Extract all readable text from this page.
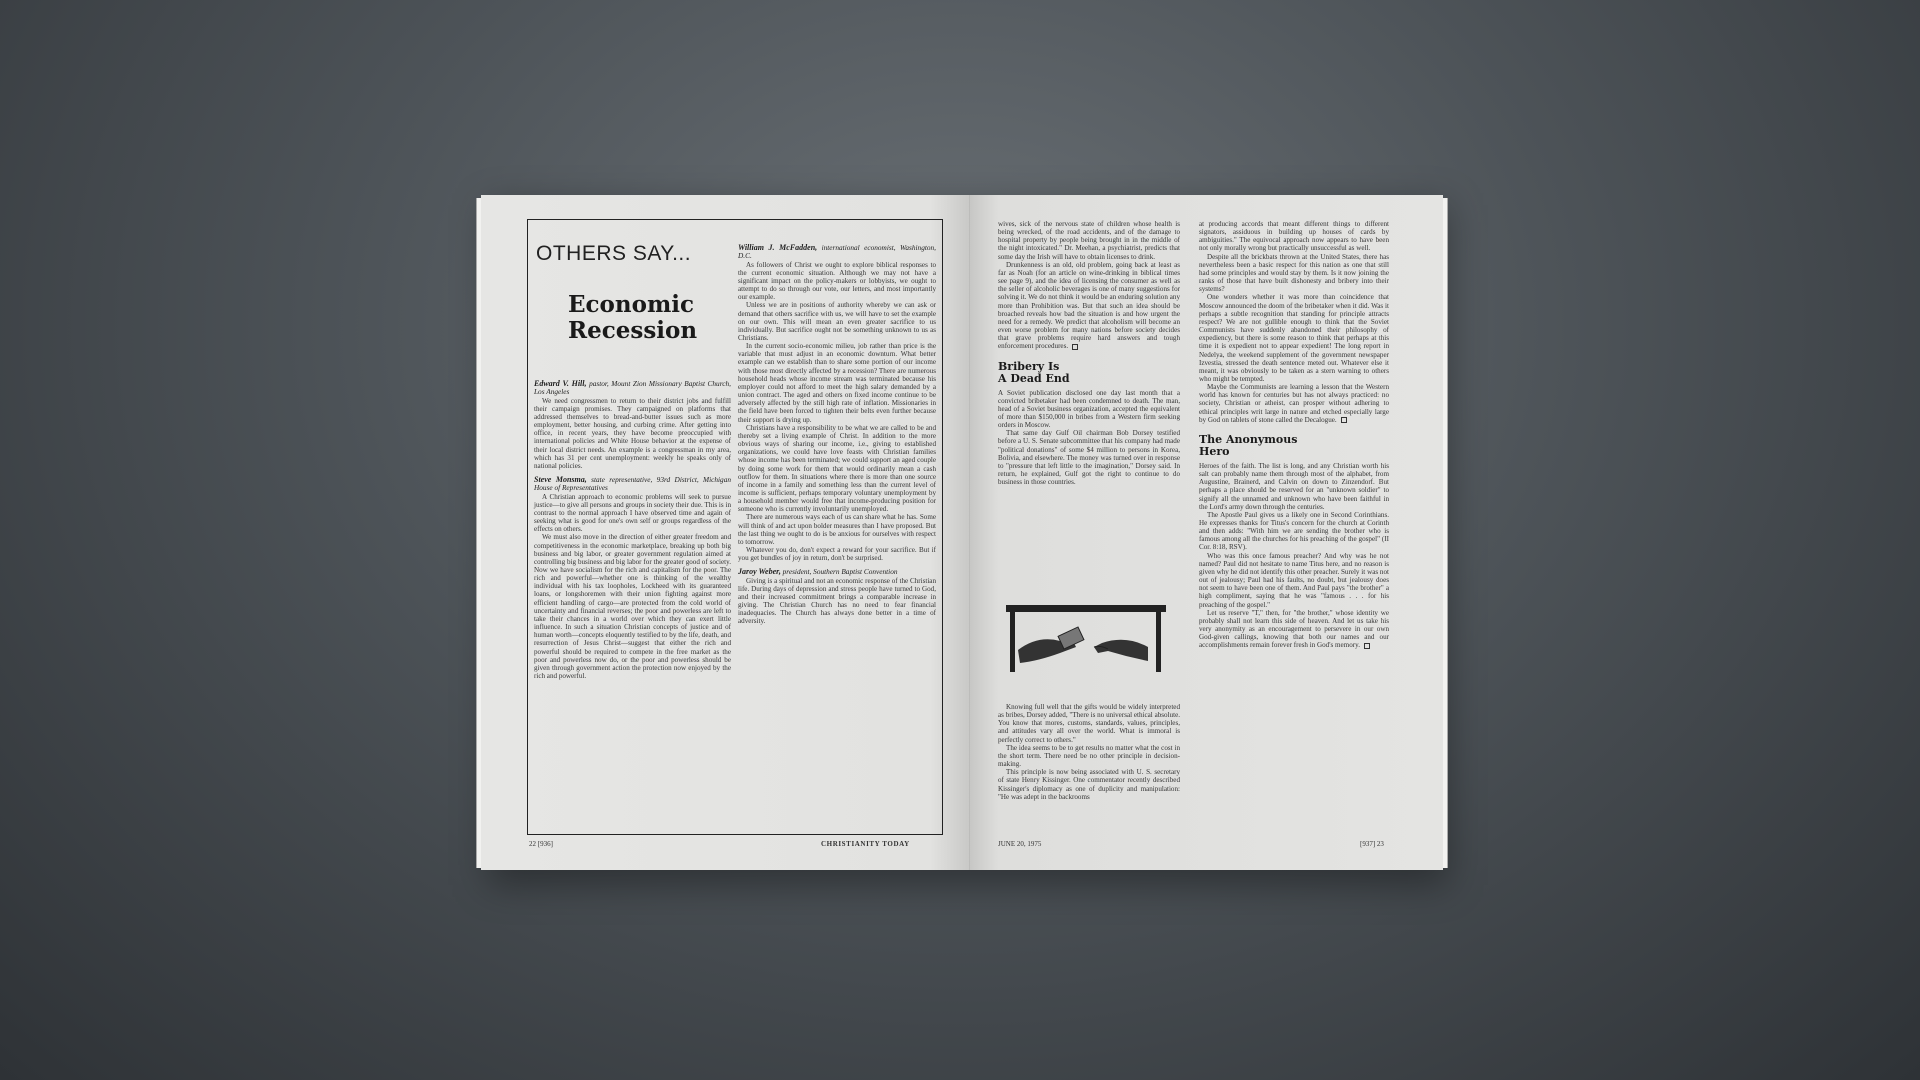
OTHERS SAY...
Economic
Recession
Edward V. Hill, pastor, Mount Zion Missionary Baptist Church, Los Angeles

We need congressmen to return to their district jobs and fulfill their campaign promises. They campaigned on platforms that addressed themselves to bread-and-butter issues such as more employment, better housing, and curbing crime. After getting into office, in recent years, they have become preoccupied with international policies and White House behavior at the expense of their local district needs. An example is a congressman in my area, which has 31 per cent unemployment: weekly he speaks only of national policies.

Steve Monsma, state representative, 93rd District, Michigan House of Representatives

A Christian approach to economic problems will seek to pursue justice—to give all persons and groups in society their due. This is in contrast to the normal approach I have observed time and again of seeking what is good for one's own self or groups regardless of the effects on others.

We must also move in the direction of either greater freedom and competitiveness in the economic marketplace, breaking up both big business and big labor, or greater government regulation aimed at controlling big business and big labor for the greater good of society. Now we have socialism for the rich and capitalism for the poor. The rich and powerful—whether one is thinking of the wealthy individual with his tax loopholes, Lockheed with its guaranteed loans, or longshoremen with their union fighting against more efficient handling of cargo—are protected from the cold world of uncertainty and financial reverses; the poor and powerless are left to take their chances in a world over which they can exert little influence. In such a situation Christian concepts of justice and of human worth—concepts eloquently testified to by the life, death, and resurrection of Jesus Christ—suggest that either the rich and powerful should be required to compete in the free market as the poor and powerless now do, or the poor and powerless should be given through government action the protection now enjoyed by the rich and powerful.

William J. McFadden, international economist, Washington, D.C.

As followers of Christ we ought to explore biblical responses to the current economic situation. Although we may not have a significant impact on the policy-makers or lobbyists, we ought to attempt to do so through our vote, our letters, and most importantly our example.

Unless we are in positions of authority whereby we can ask or demand that others sacrifice with us, we will have to set the example on our own. This will mean an even greater sacrifice to us individually. But sacrifice ought not be something unknown to us as Christians.

In the current socio-economic milieu, job rather than price is the variable that must adjust in an economic downturn. What better example can we establish than to share some portion of our income with those most directly affected by a recession? There are numerous household heads whose income stream was terminated because his employer could not afford to meet the high salary demanded by a union contract. The aged and others on fixed income continue to be adversely affected by the still high rate of inflation. Missionaries in the field have been forced to tighten their belts even further because their support is drying up.

Christians have a responsibility to be what we are called to be and thereby set a living example of Christ. In addition to the more obvious ways of sharing our income, i.e., giving to established organizations, we could have love feasts with Christian families whose income has been terminated; we could support an aged couple by doing some work for them that would ordinarily mean a cash outflow for them. In situations where there is more than one source of income in a family and something less than the current level of income is sufficient, perhaps temporary voluntary unemployment by a household member would free that income-producing position for someone who is currently involuntarily unemployed.

There are numerous ways each of us can share what he has. Some will think of and act upon bolder measures than I have proposed. But the last thing we ought to do is be anxious for ourselves with respect to tomorrow.

Whatever you do, don't expect a reward for your sacrifice. But if you get bundles of joy in return, don't be surprised.

Jaroy Weber, president, Southern Baptist Convention

Giving is a spiritual and not an economic response of the Christian life. During days of depression and stress people have turned to God, and their increased commitment brings a comparable increase in giving. The Christian Church has no need to fear financial inadequacies. The Church has always done better in a time of adversity.

22 [936]	CHRISTIANITY TODAY

wives, sick of the nervous state of children whose health is being wrecked, of the road accidents, and of the damage to hospital property by people being brought in in the middle of the night intoxicated." Dr. Meehan, a psychiatrist, predicts that some day the Irish will have to obtain licenses to drink.

Drunkenness is an old, old problem, going back at least as far as Noah (for an article on wine-drinking in biblical times see page 9), and the idea of licensing the consumer as well as the seller of alcoholic beverages is one of many suggestions for solving it. We do not think it would be an enduring solution any more than Prohibition was. But that such an idea should be broached reveals how bad the situation is and how urgent the need for a remedy. We predict that alcoholism will become an even worse problem for many nations before society decides that grave problems require hard answers and tough enforcement procedures.

Bribery Is
A Dead End

A Soviet publication disclosed one day last month that a convicted bribetaker had been condemned to death. The man, head of a Soviet business organization, accepted the equivalent of more than $150,000 in bribes from a Western firm seeking orders in Moscow.

That same day Gulf Oil chairman Bob Dorsey testified before a U. S. Senate subcommittee that his company had made "political donations" of some $4 million to persons in Korea, Bolivia, and elsewhere. The money was turned over in response to "pressure that left little to the imagination," Dorsey said. In return, he explained, Gulf got the right to continue to do business in those countries.

Knowing full well that the gifts would be widely interpreted as bribes, Dorsey added, "There is no universal ethical absolute. You know that mores, customs, standards, values, principles, and attitudes vary all over the world. What is immoral is perfectly correct to others."

The idea seems to be to get results no matter what the cost in the short term. There need be no other principle in decision-making.

This principle is now being associated with U. S. secretary of state Henry Kissinger. One commentator recently described Kissinger's diplomacy as one of duplicity and manipulation: "He was adept in the backrooms

at producing accords that meant different things to different signators, assiduous in building up houses of cards by ambiguities." The equivocal approach now appears to have been not only morally wrong but practically unsuccessful as well.

Despite all the brickbats thrown at the United States, there has nevertheless been a basic respect for this nation as one that still had some principles and would stay by them. Is it now joining the ranks of those that have built dishonesty and bribery into their systems?

One wonders whether it was more than coincidence that Moscow announced the doom of the bribetaker when it did. Was it perhaps a subtle recognition that standing for principle attracts respect? We are not gullible enough to think that the Soviet Communists have suddenly abandoned their philosophy of expediency, but there is some reason to think that perhaps at this time it is expedient not to appear expedient! The long report in Nedelya, the weekend supplement of the government newspaper Izvestia, stressed the death sentence meted out. Whatever else it meant, it was obviously to be taken as a stern warning to others who might be tempted.

Maybe the Communists are learning a lesson that the Western world has known for centuries but has not always practiced: no society, Christian or atheist, can prosper without adhering to ethical principles writ large in nature and etched especially large by God on tablets of stone called the Decalogue.

The Anonymous
Hero

Heroes of the faith. The list is long, and any Christian worth his salt can probably name them through most of the alphabet, from Augustine, Brainerd, and Calvin on down to Zinzendorf. But perhaps a place should be reserved for an "unknown soldier" to signify all the unnamed and unknown who have been faithful in the Lord's army down through the centuries.

The Apostle Paul gives us a likely one in Second Corinthians. He expresses thanks for Titus's concern for the church at Corinth and then adds: "With him we are sending the brother who is famous among all the churches for his preaching of the gospel" (II Cor. 8:18, RSV).

Who was this once famous preacher? And why was he not named? Paul did not hesitate to name Titus here, and no reason is given why he did not identify this other preacher. Surely it was not out of jealousy; Paul had his faults, no doubt, but jealousy does not seem to have been one of them. And Paul pays "the brother" a high compliment, saying that he was "famous . . . for his preaching of the gospel."

Let us reserve "T," then, for "the brother," whose identity we probably shall not learn this side of heaven. And let us take his very anonymity as an encouragement to persevere in our own God-given callings, knowing that both our names and our accomplishments remain forever fresh in God's memory.

JUNE 20, 1975	[937] 23
